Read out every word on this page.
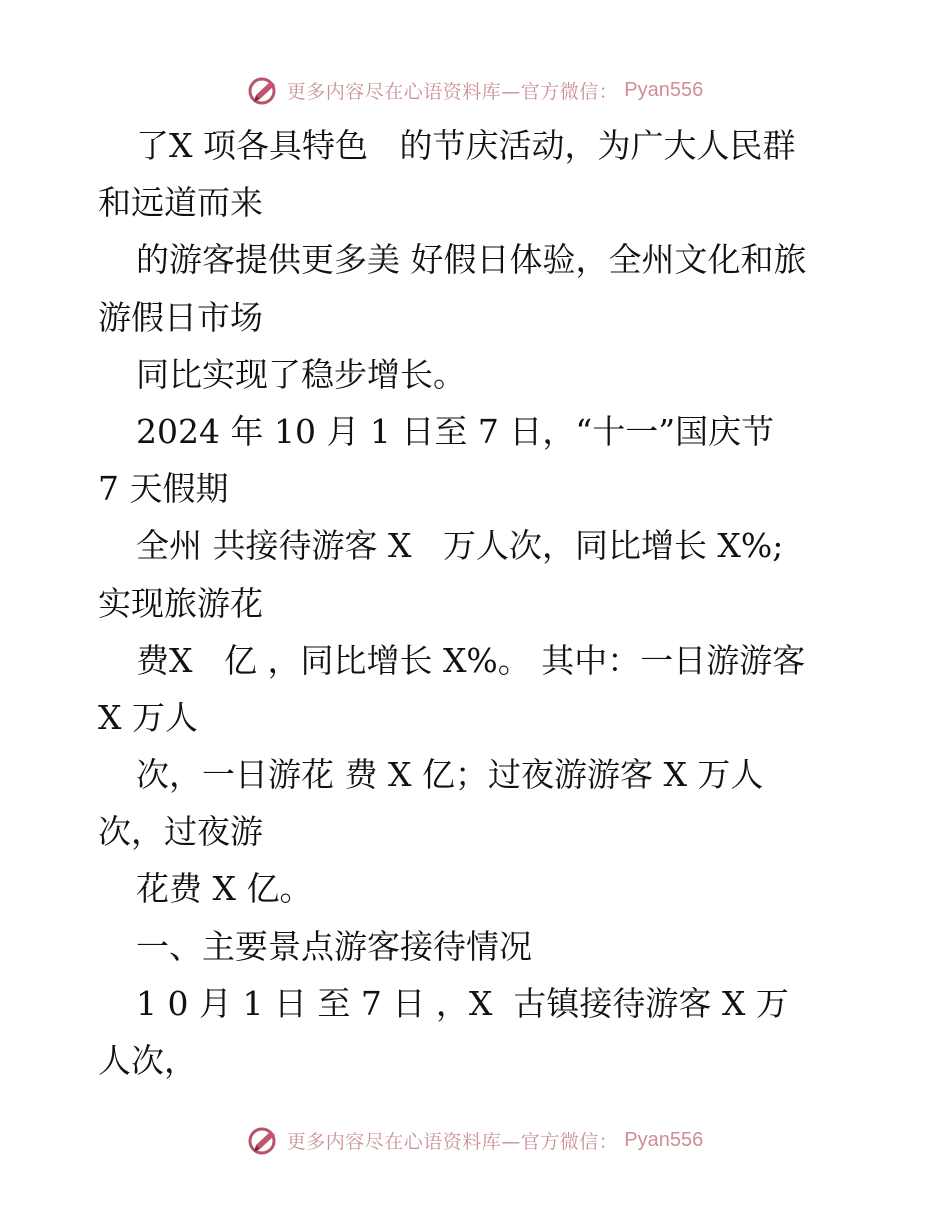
更多内容尽在心语资料库—官方微信： Pyan556
了X 项各具特色   的节庆活动，为广大人民群
和远道而来
的游客提供更多美 好假日体验，全州文化和旅
游假日市场
同比实现了稳步增长。
2024 年 10 月 1 日至 7 日，“十一”国庆节
7 天假期
全州 共接待游客 X   万人次，同比增长 X%;
实现旅游花
费X   亿 ，同比增长 X%。 其中：一日游游客
X 万人
次，一日游花 费 X 亿；过夜游游客 X 万人
次，过夜游
花费 X 亿。
一、主要景点游客接待情况
1 0 月 1 日 至 7 日 ，X  古镇接待游客 X 万
人次，
更多内容尽在心语资料库—官方微信： Pyan556
